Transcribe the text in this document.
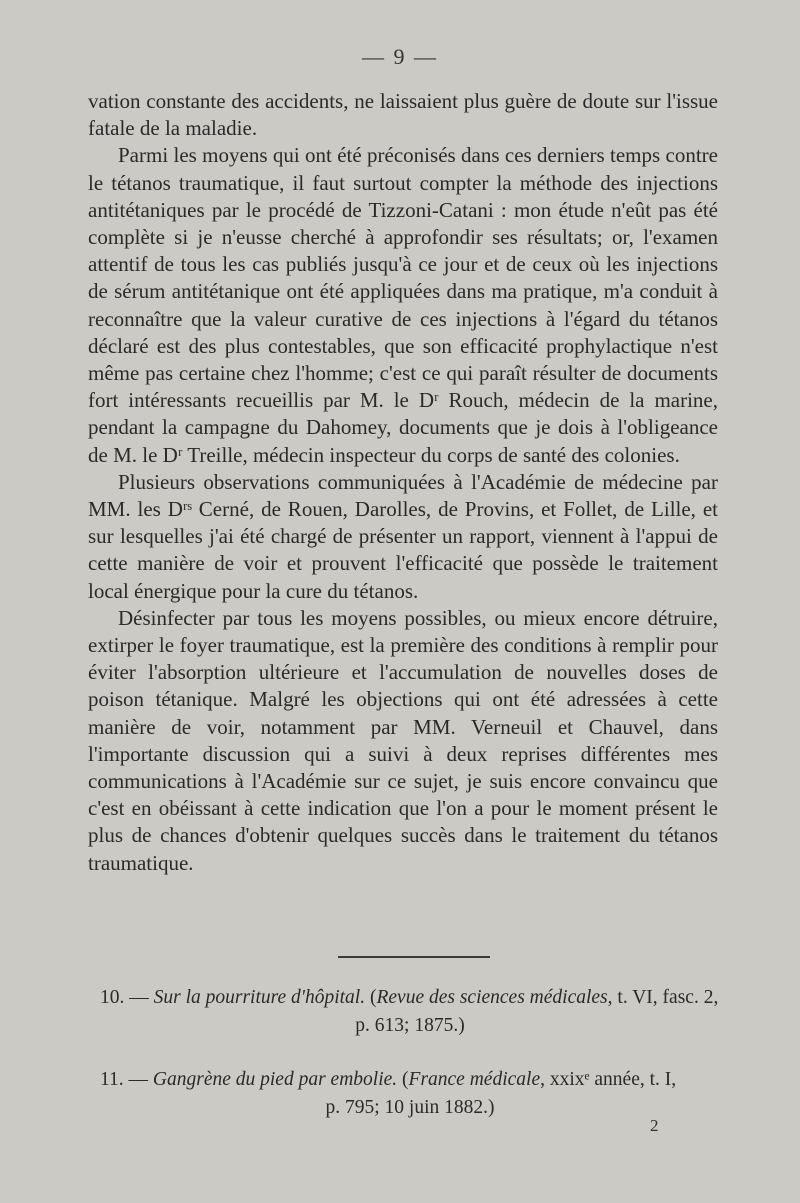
— 9 —

vation constante des accidents, ne laissaient plus guère de doute sur l'issue fatale de la maladie.

Parmi les moyens qui ont été préconisés dans ces derniers temps contre le tétanos traumatique, il faut surtout compter la méthode des injections antitétaniques par le procédé de Tizzoni-Catani : mon étude n'eût pas été complète si je n'eusse cherché à approfondir ses résultats; or, l'examen attentif de tous les cas publiés jusqu'à ce jour et de ceux où les injections de sérum antitétanique ont été appliquées dans ma pratique, m'a conduit à reconnaître que la valeur curative de ces injections à l'égard du tétanos déclaré est des plus contestables, que son efficacité prophylactique n'est même pas certaine chez l'homme; c'est ce qui paraît résulter de documents fort intéressants recueillis par M. le Dʳ Rouch, médecin de la marine, pendant la campagne du Dahomey, documents que je dois à l'obligeance de M. le Dʳ Treille, médecin inspecteur du corps de santé des colonies.

Plusieurs observations communiquées à l'Académie de médecine par MM. les Dʳˢ Cerné, de Rouen, Darolles, de Provins, et Follet, de Lille, et sur lesquelles j'ai été chargé de présenter un rapport, viennent à l'appui de cette manière de voir et prouvent l'efficacité que possède le traitement local énergique pour la cure du tétanos.

Désinfecter par tous les moyens possibles, ou mieux encore détruire, extirper le foyer traumatique, est la première des conditions à remplir pour éviter l'absorption ultérieure et l'accumulation de nouvelles doses de poison tétanique. Malgré les objections qui ont été adressées à cette manière de voir, notamment par MM. Verneuil et Chauvel, dans l'importante discussion qui a suivi à deux reprises différentes mes communications à l'Académie sur ce sujet, je suis encore convaincu que c'est en obéissant à cette indication que l'on a pour le moment présent le plus de chances d'obtenir quelques succès dans le traitement du tétanos traumatique.

10. — Sur la pourriture d'hôpital. (Revue des sciences médicales, t. VI, fasc. 2,
p. 613; 1875.)
11. — Gangrène du pied par embolie. (France médicale, xxixᵉ année, t. I,
p. 795; 10 juin 1882.)
2
